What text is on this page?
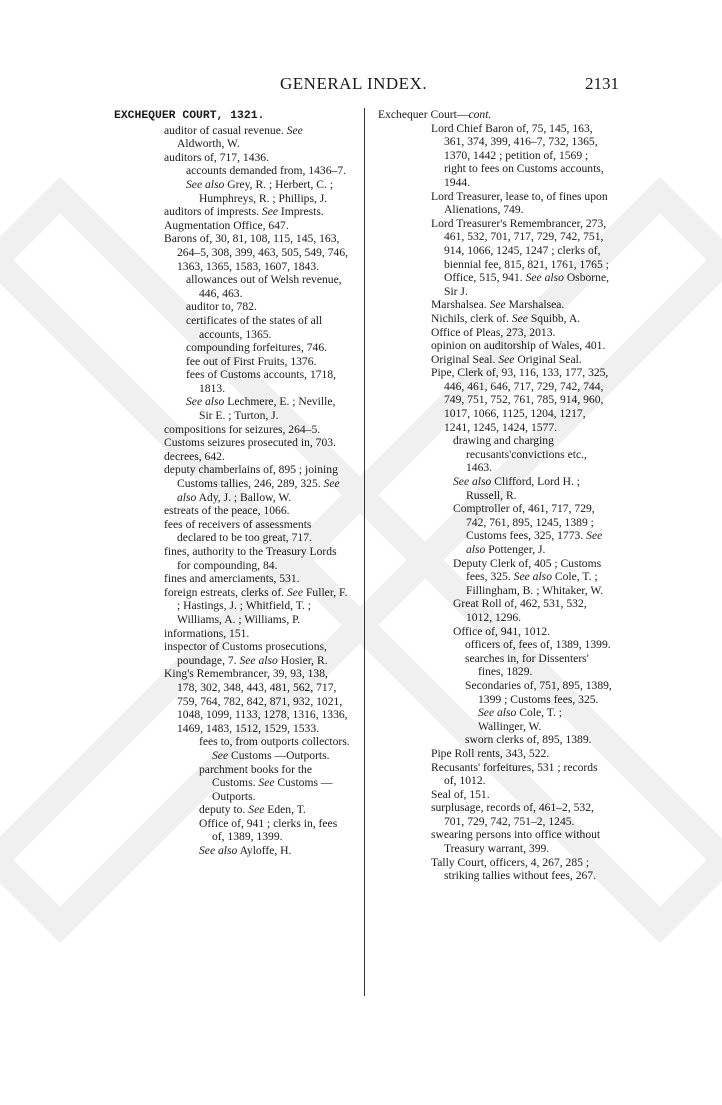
GENERAL INDEX.	2131

EXCHEQUER COURT, 1321.

auditor of casual revenue. See Aldworth, W.

auditors of, 717, 1436.

accounts demanded from, 1436–7.

See also Grey, R. ; Herbert, C. ; Humphreys, R. ; Phillips, J.

auditors of imprests. See Imprests.

Augmentation Office, 647.

Barons of, 30, 81, 108, 115, 145, 163, 264–5, 308, 399, 463, 505, 549, 746, 1363, 1365, 1583, 1607, 1843.

allowances out of Welsh revenue, 446, 463.

auditor to, 782.

certificates of the states of all accounts, 1365.

compounding forfeitures, 746.

fee out of First Fruits, 1376.

fees of Customs accounts, 1718, 1813.

See also Lechmere, E. ; Neville, Sir E. ; Turton, J.

compositions for seizures, 264–5.

Customs seizures prosecuted in, 703.

decrees, 642.

deputy chamberlains of, 895 ; joining Customs tallies, 246, 289, 325. See also Ady, J. ; Ballow, W.

estreats of the peace, 1066.

fees of receivers of assessments declared to be too great, 717.

fines, authority to the Treasury Lords for compounding, 84.

fines and amerciaments, 531.

foreign estreats, clerks of. See Fuller, F. ; Hastings, J. ; Whitfield, T. ; Williams, A. ; Williams, P.

informations, 151.

inspector of Customs prosecutions, poundage, 7. See also Hosier, R.

King's Remembrancer, 39, 93, 138, 178, 302, 348, 443, 481, 562, 717, 759, 764, 782, 842, 871, 932, 1021, 1048, 1099, 1133, 1278, 1316, 1336, 1469, 1483, 1512, 1529, 1533.

fees to, from outports collectors. See Customs —Outports.

parchment books for the Customs. See Customs —Outports.

deputy to. See Eden, T.

Office of, 941 ; clerks in, fees of, 1389, 1399.

See also Ayloffe, H.

Exchequer Court—cont.

Lord Chief Baron of, 75, 145, 163, 361, 374, 399, 416–7, 732, 1365, 1370, 1442 ; petition of, 1569 ; right to fees on Customs accounts, 1944.

Lord Treasurer, lease to, of fines upon Alienations, 749.

Lord Treasurer's Remembrancer, 273, 461, 532, 701, 717, 729, 742, 751, 914, 1066, 1245, 1247 ; clerks of, biennial fee, 815, 821, 1761, 1765 ; Office, 515, 941. See also Osborne, Sir J.

Marshalsea. See Marshalsea.

Nichils, clerk of. See Squibb, A.

Office of Pleas, 273, 2013.

opinion on auditorship of Wales, 401.

Original Seal. See Original Seal.

Pipe, Clerk of, 93, 116, 133, 177, 325, 446, 461, 646, 717, 729, 742, 744, 749, 751, 752, 761, 785, 914, 960, 1017, 1066, 1125, 1204, 1217, 1241, 1245, 1424, 1577.

drawing and charging recusants'convictions etc., 1463.

See also Clifford, Lord H. ; Russell, R.

Comptroller of, 461, 717, 729, 742, 761, 895, 1245, 1389 ; Customs fees, 325, 1773. See also Pottenger, J.

Deputy Clerk of, 405 ; Customs fees, 325. See also Cole, T. ; Fillingham, B. ; Whitaker, W.

Great Roll of, 462, 531, 532, 1012, 1296.

Office of, 941, 1012.

officers of, fees of, 1389, 1399.

searches in, for Dissenters' fines, 1829.

Secondaries of, 751, 895, 1389, 1399 ; Customs fees, 325. See also Cole, T. ; Wallinger, W.

sworn clerks of, 895, 1389.

Pipe Roll rents, 343, 522.

Recusants' forfeitures, 531 ; records of, 1012.

Seal of, 151.

surplusage, records of, 461–2, 532, 701, 729, 742, 751–2, 1245.

swearing persons into office without Treasury warrant, 399.

Tally Court, officers, 4, 267, 285 ; striking tallies without fees, 267.
